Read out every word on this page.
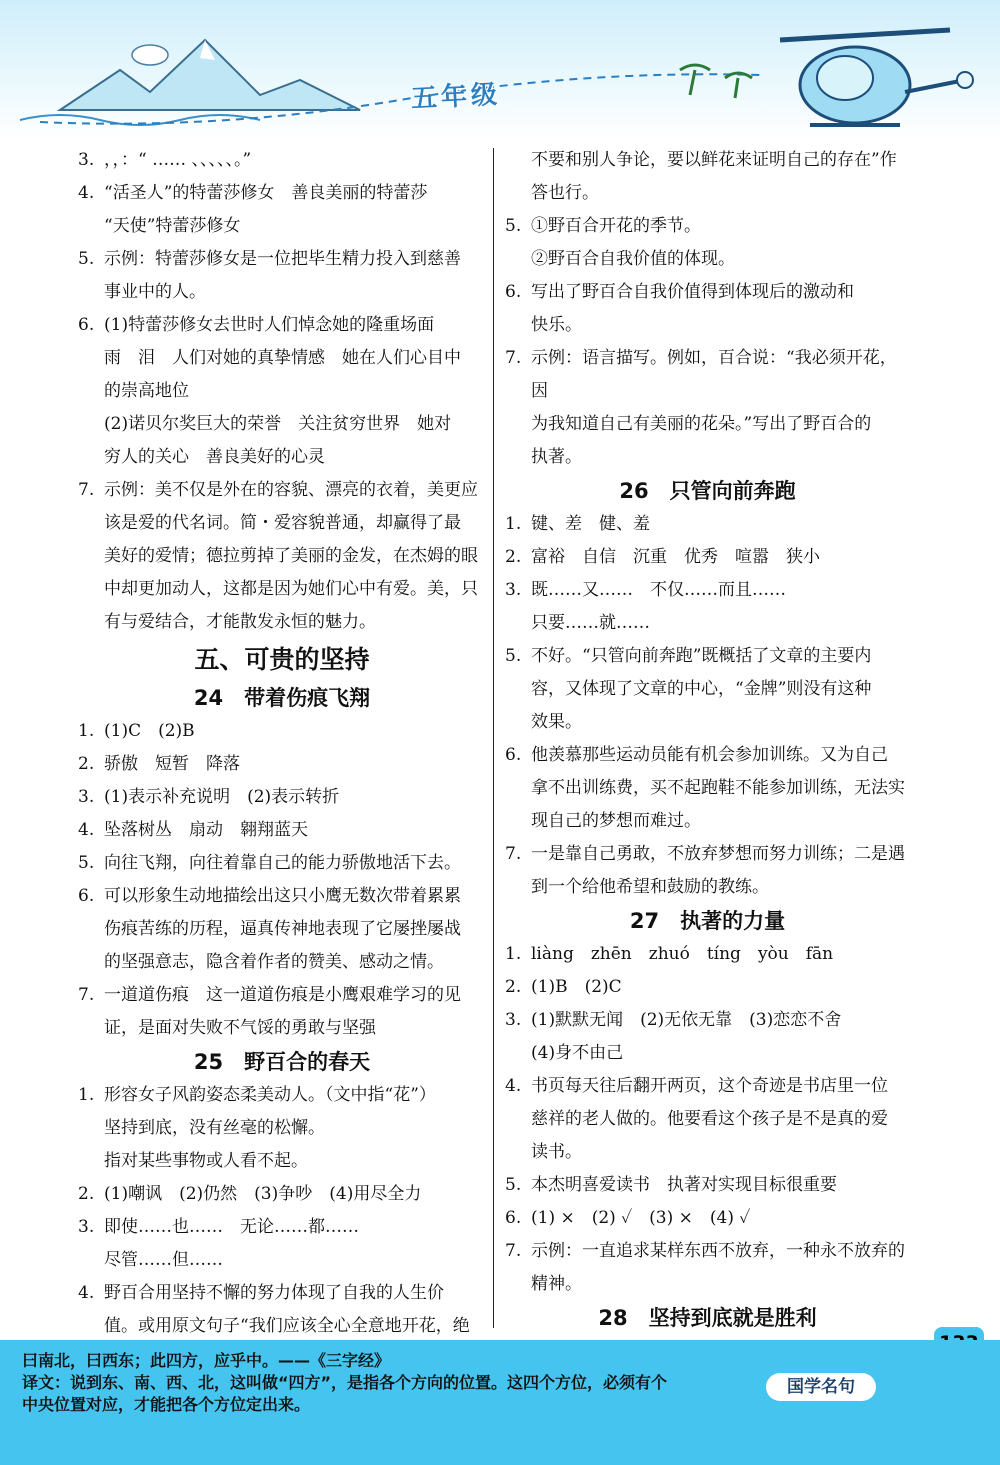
五年级
3. ，，：“ …… 、、、、、。”

4. “活圣人”的特蕾莎修女　善良美丽的特蕾莎

“天使”特蕾莎修女

5. 示例：特蕾莎修女是一位把毕生精力投入到慈善

事业中的人。

6. (1)特蕾莎修女去世时人们悼念她的隆重场面

雨　泪　人们对她的真挚情感　她在人们心目中

的崇高地位

(2)诺贝尔奖巨大的荣誉　关注贫穷世界　她对

穷人的关心　善良美好的心灵

7. 示例：美不仅是外在的容貌、漂亮的衣着，美更应

该是爱的代名词。简・爱容貌普通，却赢得了最

美好的爱情；德拉剪掉了美丽的金发，在杰姆的眼

中却更加动人，这都是因为她们心中有爱。美，只

有与爱结合，才能散发永恒的魅力。

五、可贵的坚持
24　带着伤痕飞翔
1. (1)C　(2)B

2. 骄傲　短暂　降落

3. (1)表示补充说明　(2)表示转折

4. 坠落树丛　扇动　翱翔蓝天

5. 向往飞翔，向往着靠自己的能力骄傲地活下去。

6. 可以形象生动地描绘出这只小鹰无数次带着累累

伤痕苦练的历程，逼真传神地表现了它屡挫屡战

的坚强意志，隐含着作者的赞美、感动之情。

7. 一道道伤痕　这一道道伤痕是小鹰艰难学习的见

证，是面对失败不气馁的勇敢与坚强

25　野百合的春天
1. 形容女子风韵姿态柔美动人。（文中指“花”）

坚持到底，没有丝毫的松懈。

指对某些事物或人看不起。

2. (1)嘲讽　(2)仍然　(3)争吵　(4)用尽全力

3. 即使……也……　无论……都……

尽管……但……

4. 野百合用坚持不懈的努力体现了自我的人生价

值。或用原文句子“我们应该全心全意地开花，绝

不要和别人争论，要以鲜花来证明自己的存在”作

答也行。

5. ①野百合开花的季节。

②野百合自我价值的体现。

6. 写出了野百合自我价值得到体现后的激动和

快乐。

7. 示例：语言描写。例如，百合说：“我必须开花，因

为我知道自己有美丽的花朵。”写出了野百合的

执著。

26　只管向前奔跑
1. 键、差　健、羞

2. 富裕　自信　沉重　优秀　喧嚣　狭小

3. 既……又……　不仅……而且……

只要……就……

5. 不好。“只管向前奔跑”既概括了文章的主要内

容，又体现了文章的中心，“金牌”则没有这种

效果。

6. 他羡慕那些运动员能有机会参加训练。又为自己

拿不出训练费，买不起跑鞋不能参加训练，无法实

现自己的梦想而难过。

7. 一是靠自己勇敢，不放弃梦想而努力训练；二是遇

到一个给他希望和鼓励的教练。

27　执著的力量
1. liàng　zhēn　zhuó　tíng　yòu　fān

2. (1)B　(2)C

3. (1)默默无闻　(2)无依无靠　(3)恋恋不舍

(4)身不由己

4. 书页每天往后翻开两页，这个奇迹是书店里一位

慈祥的老人做的。他要看这个孩子是不是真的爱

读书。

5. 本杰明喜爱读书　执著对实现目标很重要

6. (1) ×　(2) ✓　(3) ×　(4) ✓

7. 示例：一直追求某样东西不放弃，一种永不放弃的

精神。

28　坚持到底就是胜利

曰南北，曰西东；此四方，应乎中。——《三字经》
译文：说到东、南、西、北，这叫做“四方”，是指各个方向的位置。这四个方位，必须有个
中央位置对应，才能把各个方位定出来。
国学名句
